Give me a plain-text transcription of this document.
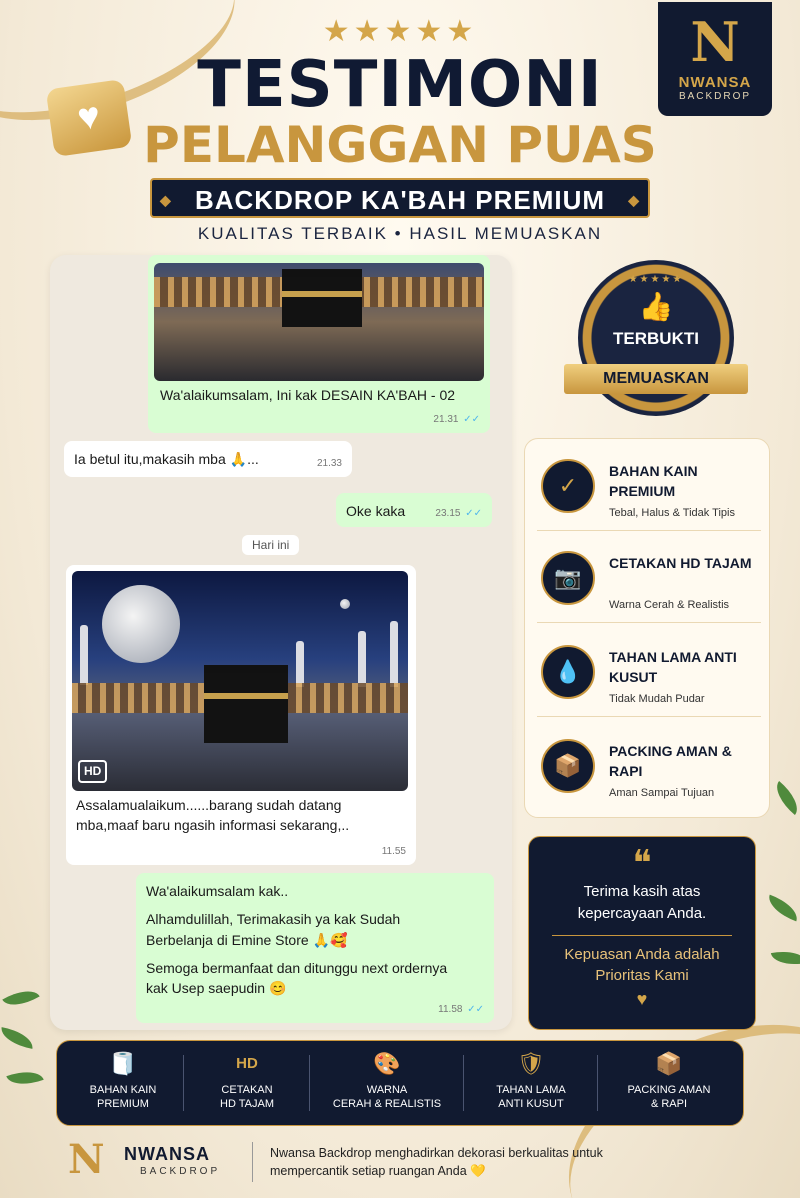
★★★★★
TESTIMONI
PELANGGAN PUAS
◆ BACKDROP KA'BAH PREMIUM ◆
KUALITAS TERBAIK • HASIL MEMUASKAN
♥
N
NWANSA
BACKDROP
Wa'alaikumsalam, Ini kak DESAIN KA'BAH - 02
21.31 ✓✓
Ia betul itu,makasih mba 🙏...	21.33
Oke kaka	23.15 ✓✓
Hari ini
HD
Assalamualaikum......barang sudah datang mba,maaf baru ngasih informasi sekarang,..
11.55
Wa'alaikumsalam kak..
Alhamdulillah, Terimakasih ya kak Sudah Berbelanja di Emine Store 🙏🥰
Semoga bermanfaat dan ditunggu next ordernya kak Usep saepudin 😊
11.58 ✓✓
★★★★★
👍
TERBUKTI
MEMUASKAN
✓
BAHAN KAIN PREMIUM
Tebal, Halus & Tidak Tipis
📷
CETAKAN HD TAJAM
Warna Cerah & Realistis
💧
TAHAN LAMA ANTI KUSUT
Tidak Mudah Pudar
📦
PACKING AMAN & RAPI
Aman Sampai Tujuan
❝
Terima kasih atas kepercayaan Anda.
Kepuasan Anda adalah Prioritas Kami
♥
🧻
BAHAN KAIN
PREMIUM
HD
CETAKAN
HD TAJAM
🎨
WARNA
CERAH & REALISTIS
🛡
TAHAN LAMA
ANTI KUSUT
📦
PACKING AMAN
& RAPI
N NWANSA
BACKDROP
Nwansa Backdrop menghadirkan dekorasi berkualitas untuk mempercantik setiap ruangan Anda 💛
